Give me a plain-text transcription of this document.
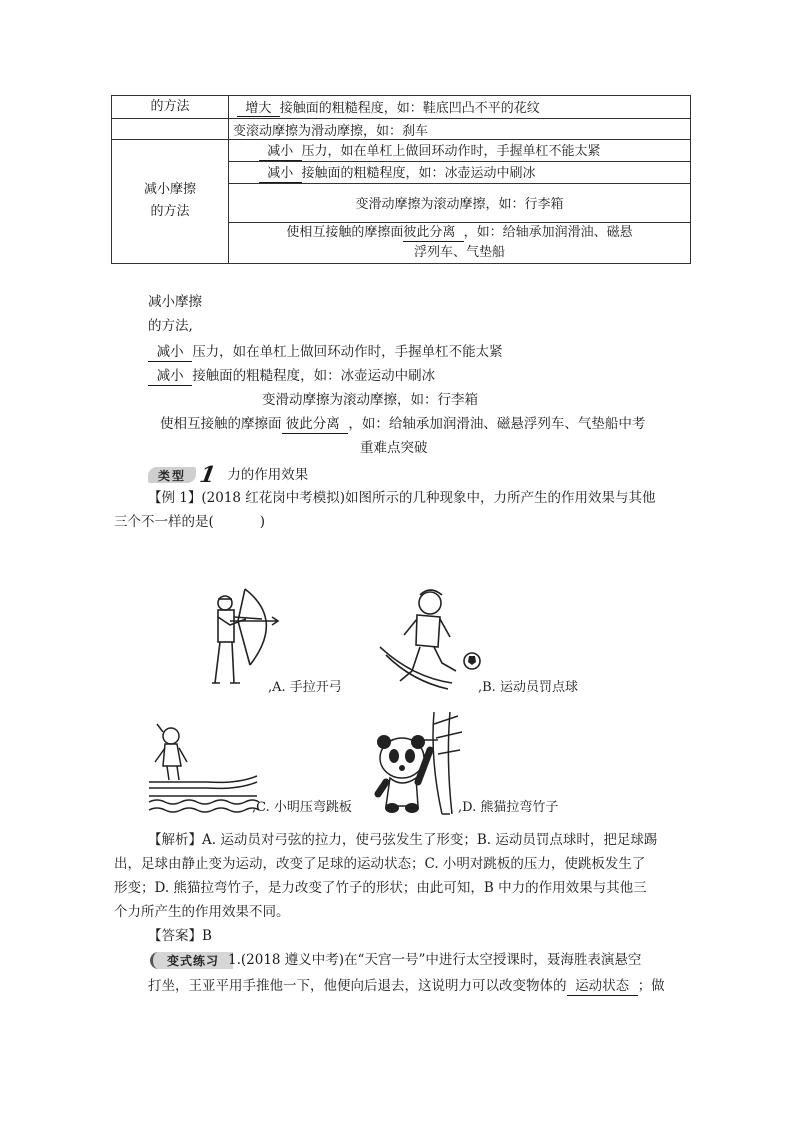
的方法	增大 接触面的粗糙程度，如：鞋底凹凸不平的花纹
	变滚动摩擦为滑动摩擦，如：刹车

减小摩擦
的方法	减小 压力，如在单杠上做回环动作时，手握单杠不能太紧
	减小 接触面的粗糙程度，如：冰壶运动中刷冰
	变滑动摩擦为滚动摩擦，如：行李箱
	使相互接触的摩擦面彼此分离 ，如：给轴承加润滑油、磁悬
浮列车、气垫船
减小摩擦
的方法,
减小 压力，如在单杠上做回环动作时，手握单杠不能太紧
减小 接触面的粗糙程度，如：冰壶运动中刷冰
变滑动摩擦为滚动摩擦，如：行李箱
使相互接触的摩擦面 彼此分离 ，如：给轴承加润滑油、磁悬浮列车、气垫船中考
重难点突破
类型 1 力的作用效果
【例 1】(2018 红花岗中考模拟)如图所示的几种现象中，力所产生的作用效果与其他
三个不一样的是(	)
,A. 手拉开弓	,B. 运动员罚点球
,C. 小明压弯跳板	,D. 熊猫拉弯竹子
【解析】A. 运动员对弓弦的拉力，使弓弦发生了形变；B. 运动员罚点球时，把足球踢
出，足球由静止变为运动，改变了足球的运动状态；C. 小明对跳板的压力，使跳板发生了
形变；D. 熊猫拉弯竹子，是力改变了竹子的形状；由此可知，B 中力的作用效果与其他三
个力所产生的作用效果不同。
【答案】B
变式练习 1.(2018 遵义中考)在“天宫一号”中进行太空授课时，聂海胜表演悬空
打坐，王亚平用手推他一下，他便向后退去，这说明力可以改变物体的 运动状态 ；做
